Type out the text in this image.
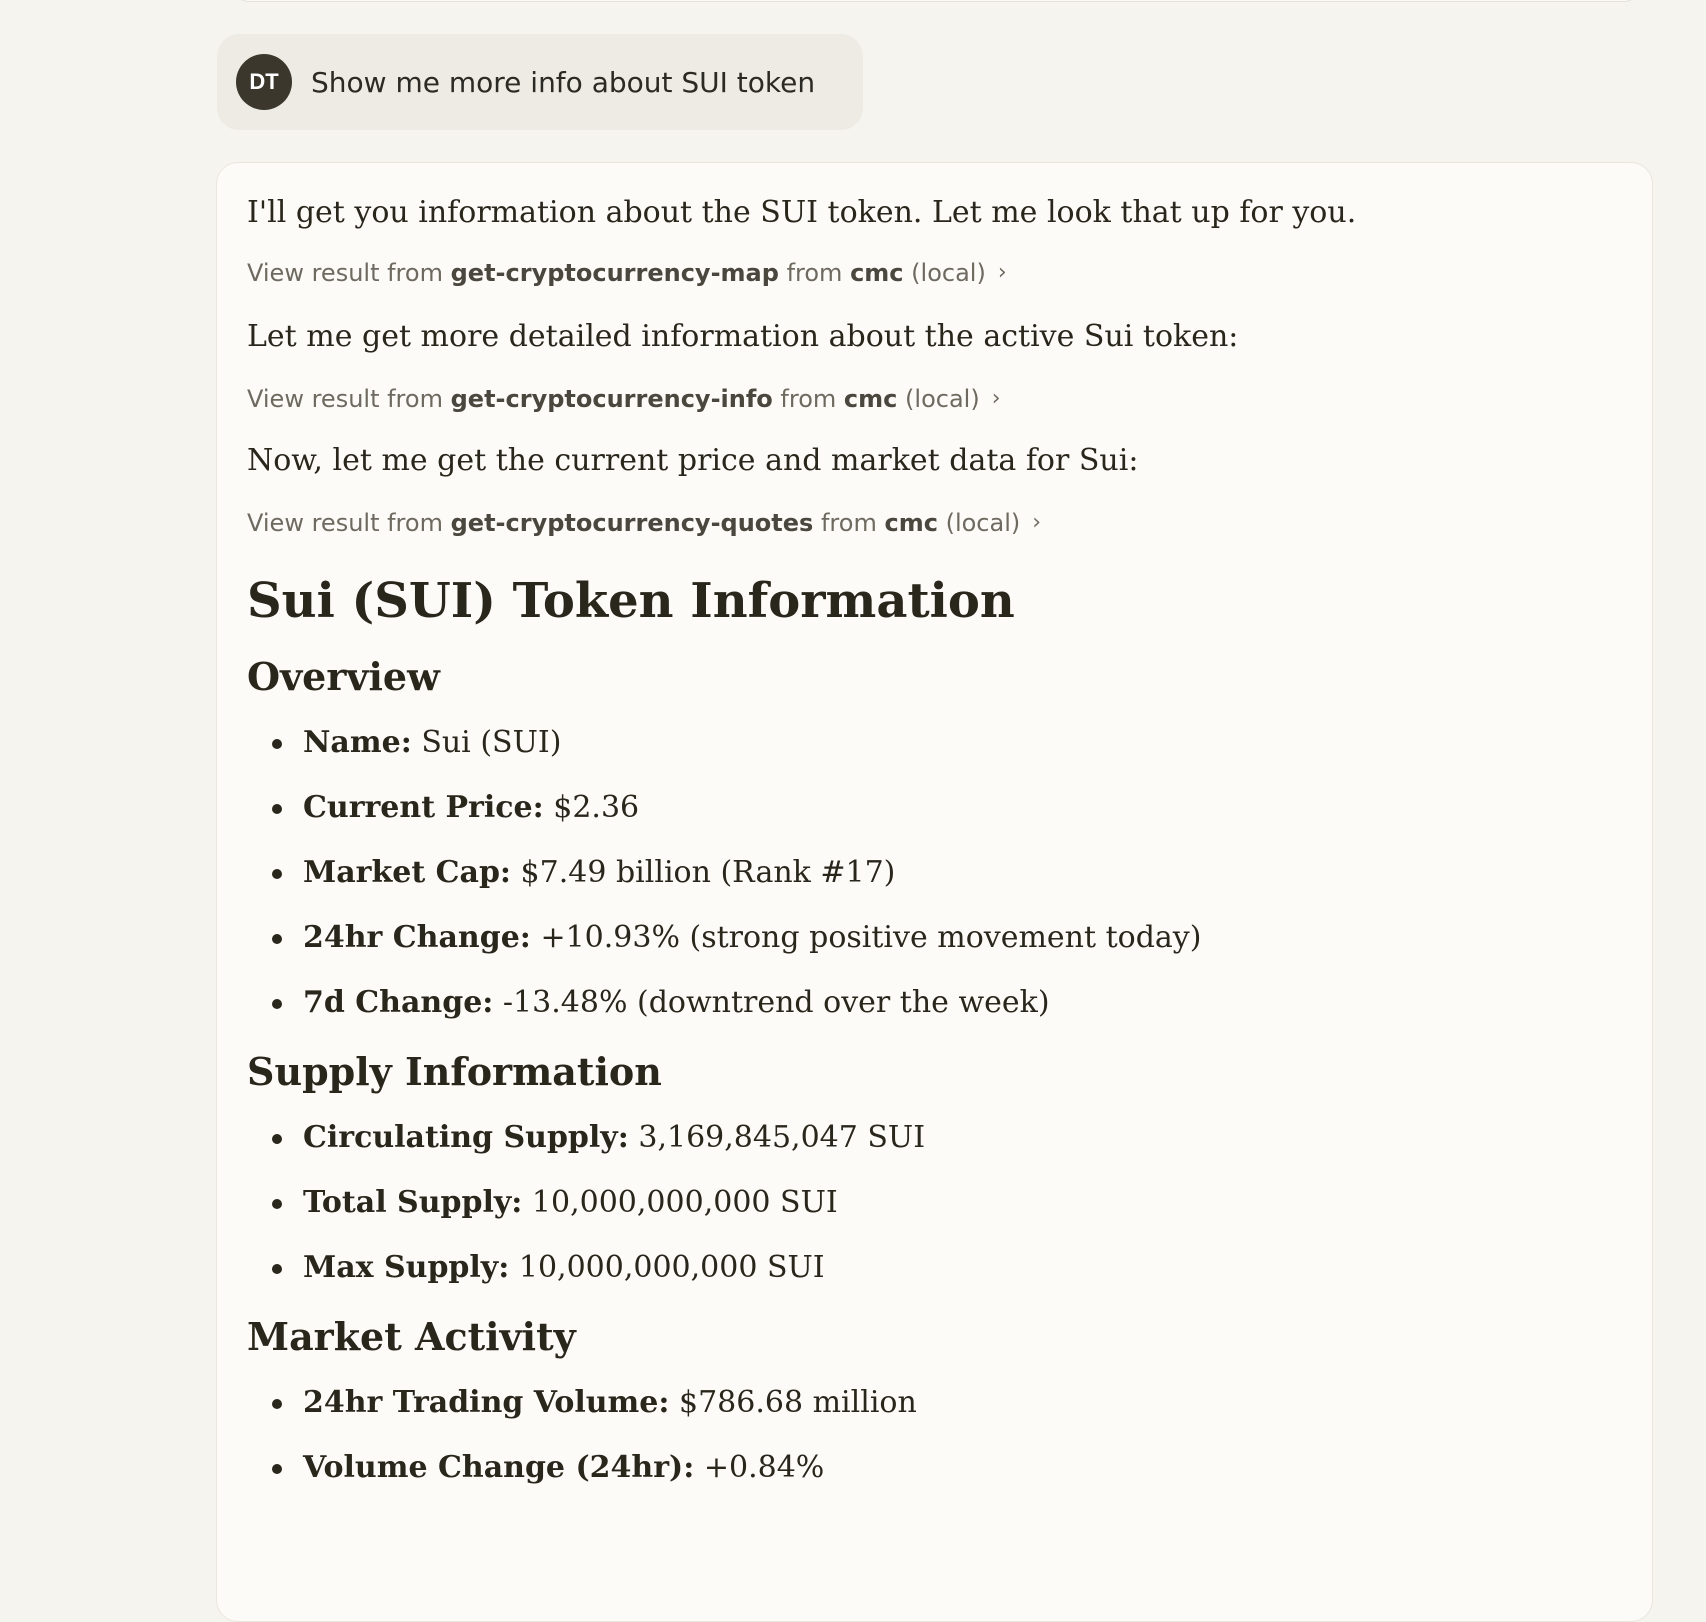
DT	Show me more info about SUI token

I'll get you information about the SUI token. Let me look that up for you.

View result from
get-cryptocurrency-map
from
cmc
(local) ›

Let me get more detailed information about the active Sui token:

View result from
get-cryptocurrency-info
from
cmc
(local) ›

Now, let me get the current price and market data for Sui:

View result from
get-cryptocurrency-quotes
from
cmc
(local) ›
Sui (SUI) Token Information
Overview
Name: Sui (SUI)
Current Price: $2.36
Market Cap: $7.49 billion (Rank #17)
24hr Change: +10.93% (strong positive movement today)
7d Change: -13.48% (downtrend over the week)
Supply Information
Circulating Supply: 3,169,845,047 SUI
Total Supply: 10,000,000,000 SUI
Max Supply: 10,000,000,000 SUI
Market Activity
24hr Trading Volume: $786.68 million
Volume Change (24hr): +0.84%
